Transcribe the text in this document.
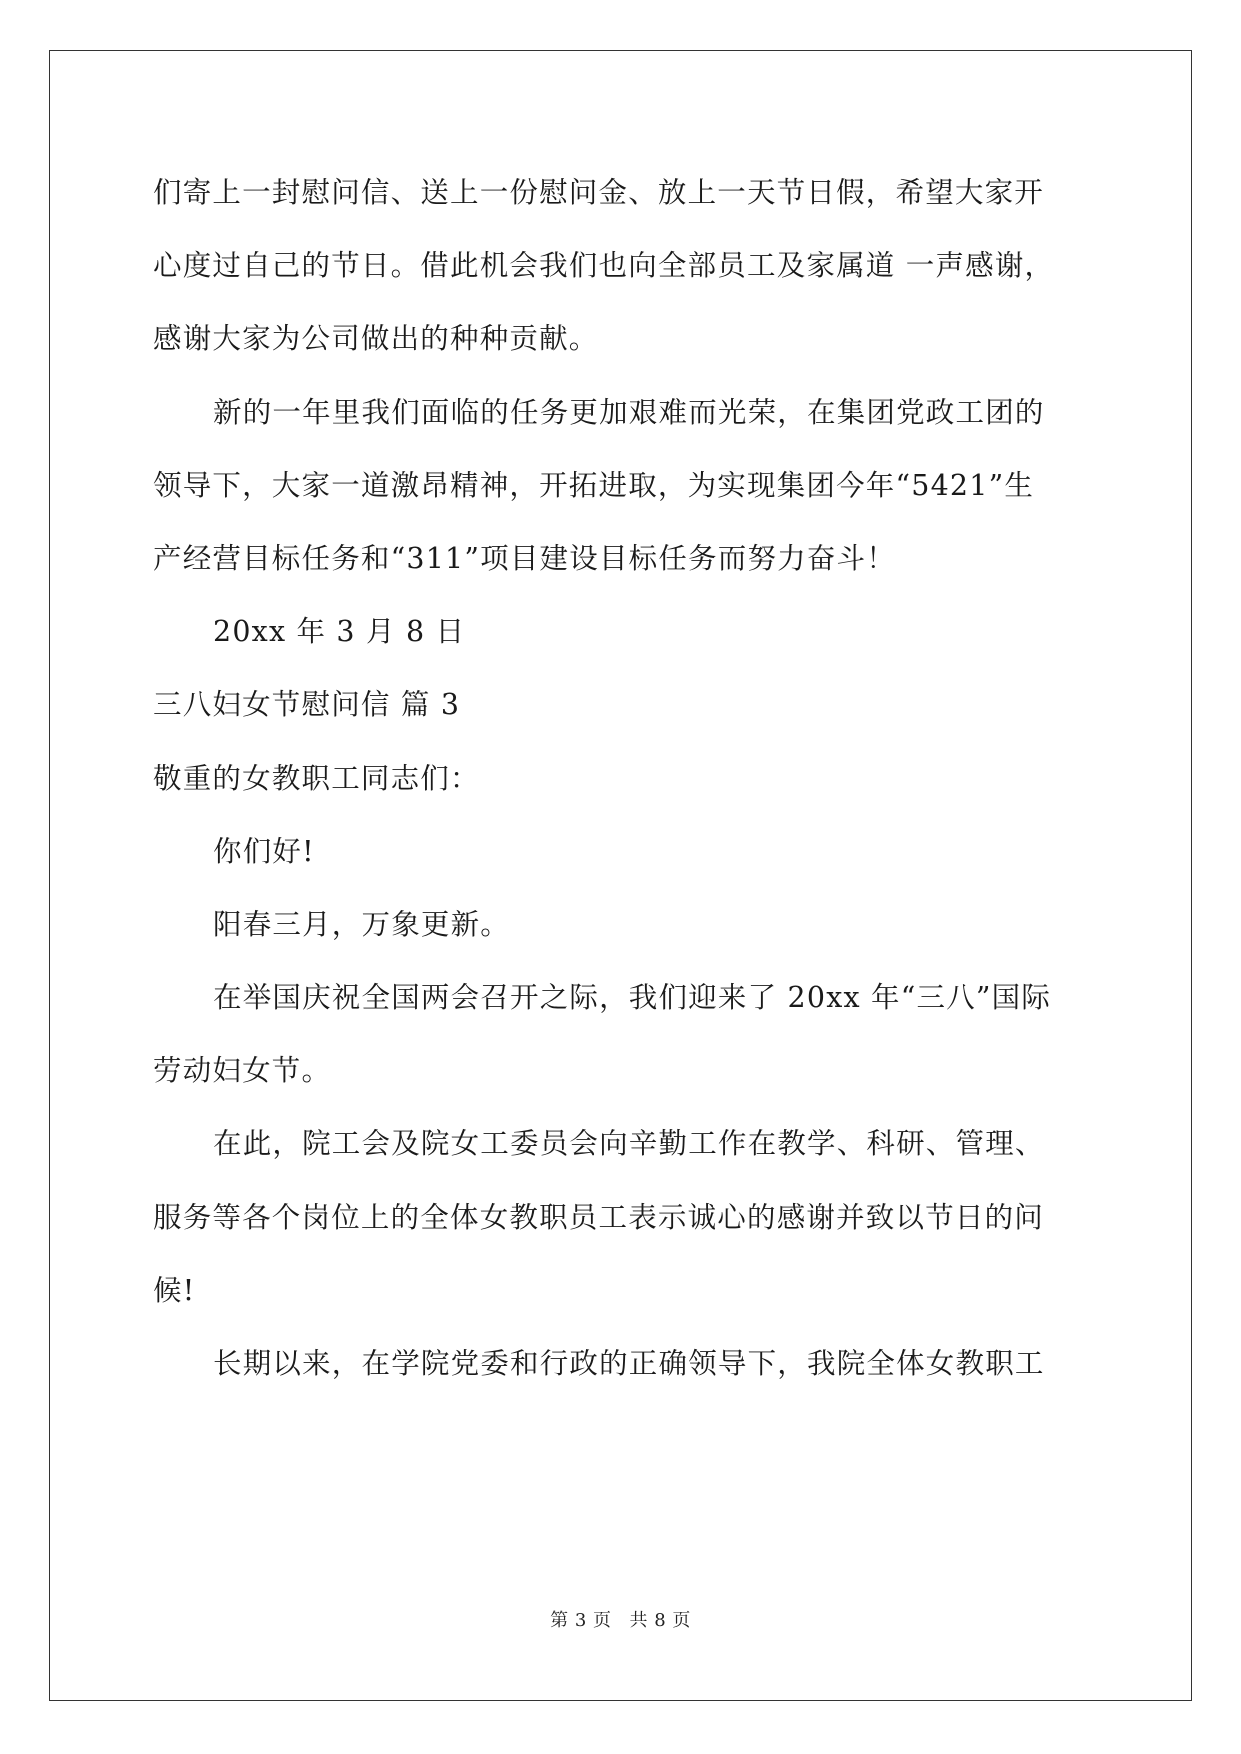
们寄上一封慰问信、送上一份慰问金、放上一天节日假，希望大家开
心度过自己的节日。借此机会我们也向全部员工及家属道 一声感谢，
感谢大家为公司做出的种种贡献。
新的一年里我们面临的任务更加艰难而光荣，在集团党政工团的
领导下，大家一道激昂精神，开拓进取，为实现集团今年“5421”生
产经营目标任务和“311”项目建设目标任务而努力奋斗！
20xx 年 3 月 8 日
三八妇女节慰问信 篇 3
敬重的女教职工同志们：
你们好!
阳春三月，万象更新。
在举国庆祝全国两会召开之际，我们迎来了 20xx 年“三八”国际
劳动妇女节。
在此，院工会及院女工委员会向辛勤工作在教学、科研、管理、
服务等各个岗位上的全体女教职员工表示诚心的感谢并致以节日的问
候!
长期以来，在学院党委和行政的正确领导下，我院全体女教职工
第 3 页 共 8 页
